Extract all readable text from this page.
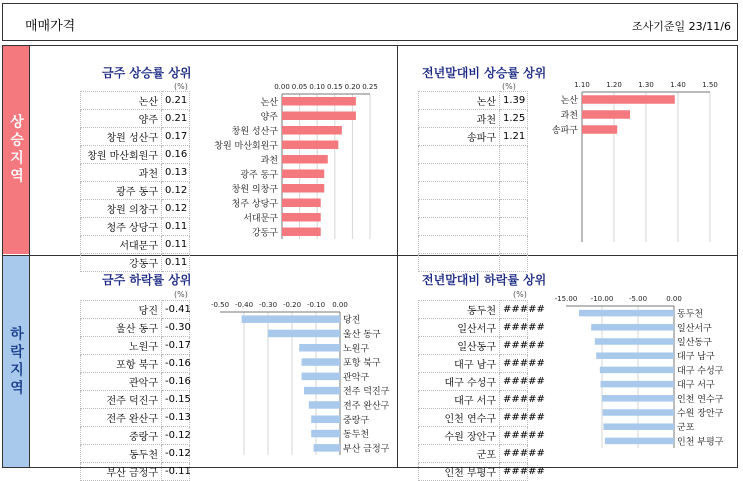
매매가격	조사기준일 23/11/6
상승지역
하락지역
금주 상승률 상위
(%)
논산	0.21
양주	0.21
창원 성산구	0.17
창원 마산회원구	0.16
과천	0.13
광주 동구	0.12
창원 의창구	0.12
청주 상당구	0.11
서대문구	0.11
강동구	0.11
0.00 0.05 0.10 0.15 0.20 0.25
논산
양주
창원 성산구
창원 마산회원구
과천
광주 동구
창원 의창구
청주 상당구
서대문구
강동구
전년말대비 상승률 상위
(%)
논산	1.39
과천	1.25
송파구	1.21

1.10 1.20 1.30 1.40 1.50
논산
과천
송파구
금주 하락률 상위
(%)
당진	-0.41
울산 동구	-0.30
노원구	-0.17
포항 북구	-0.16
관악구	-0.16
전주 덕진구	-0.15
전주 완산구	-0.13
중랑구	-0.12
동두천	-0.12
부산 금정구	-0.11
-0.50 -0.40 -0.30 -0.20 -0.10 0.00
당진
울산 동구
노원구
포항 북구
관악구
전주 덕진구
전주 완산구
중랑구
동두천
부산 금정구
전년말대비 하락률 상위
(%)
동두천	#####
일산서구	#####
일산동구	#####
대구 남구	#####
대구 수성구	#####
대구 서구	#####
인천 연수구	#####
수원 장안구	#####
군포	#####
인천 부평구	#####
-15.00 -10.00 -5.00	0.00
동두천
일산서구
일산동구
대구 남구
대구 수성구
대구 서구
인천 연수구
수원 장안구
군포
인천 부평구
